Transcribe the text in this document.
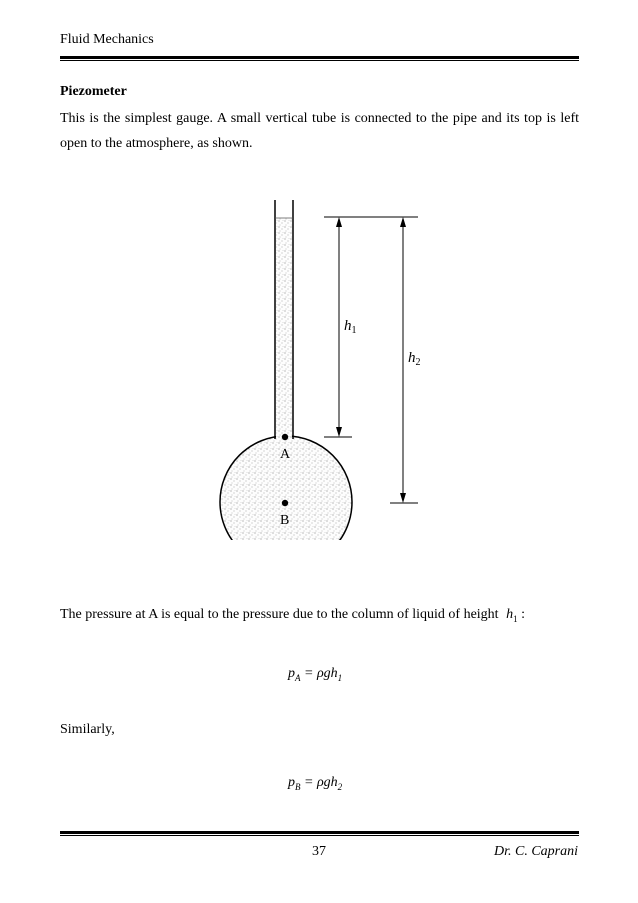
Fluid Mechanics
Piezometer
This is the simplest gauge. A small vertical tube is connected to the pipe and its top is left open to the atmosphere, as shown.
A
B
$h_1$
$h_2$
The pressure at A is equal to the pressure due to the column of liquid of height $h_1$ :
$p_A = \rho gh_1$
Similarly,
$p_B = \rho gh_2$
37	Dr. C. Caprani
